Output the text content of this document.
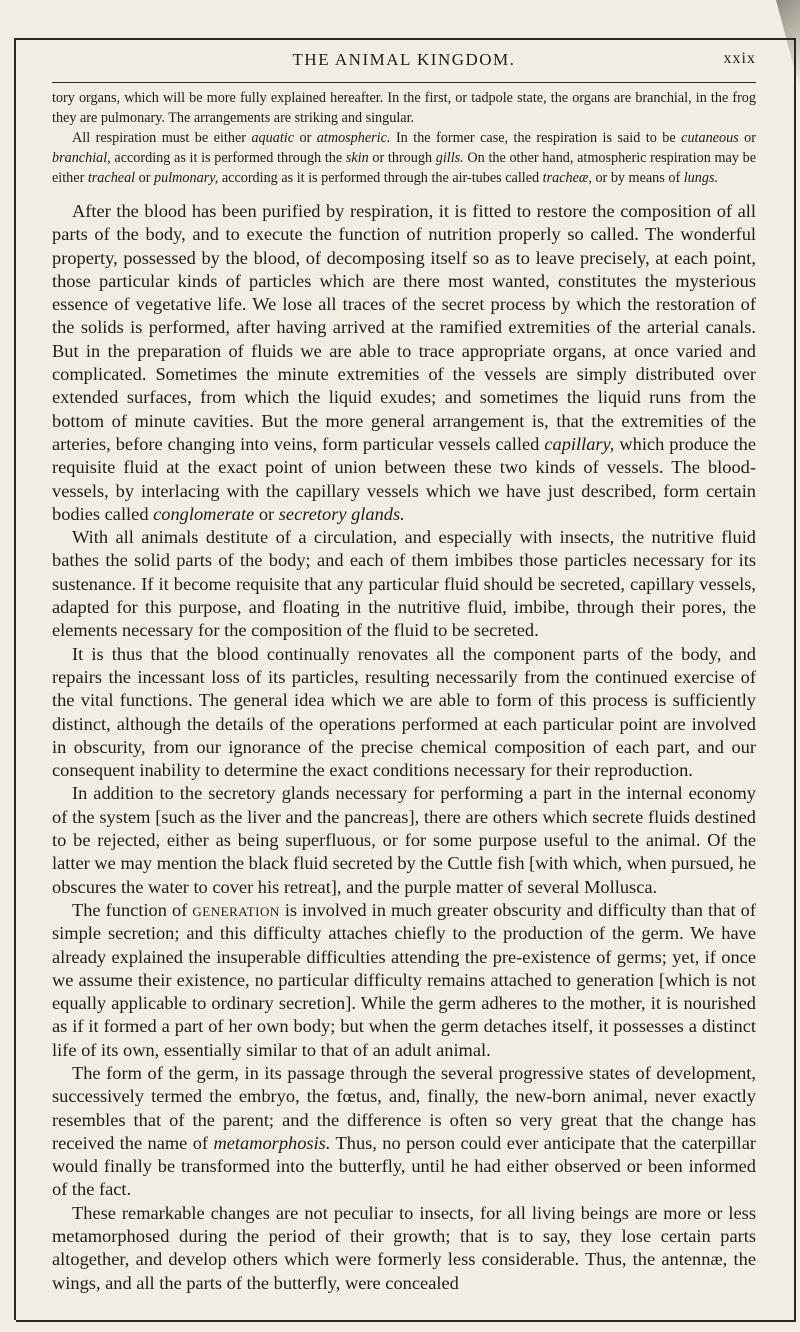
THE ANIMAL KINGDOM.	xxix

tory organs, which will be more fully explained hereafter. In the first, or tadpole state, the organs are branchial, in the frog they are pulmonary. The arrangements are striking and singular.

All respiration must be either aquatic or atmospheric. In the former case, the respiration is said to be cutaneous or branchial, according as it is performed through the skin or through gills. On the other hand, atmospheric respiration may be either tracheal or pulmonary, according as it is performed through the air-tubes called tracheæ, or by means of lungs.

After the blood has been purified by respiration, it is fitted to restore the composition of all parts of the body, and to execute the function of nutrition properly so called. The wonderful property, possessed by the blood, of decomposing itself so as to leave precisely, at each point, those particular kinds of particles which are there most wanted, constitutes the mysterious essence of vegetative life. We lose all traces of the secret process by which the restoration of the solids is performed, after having arrived at the ramified extremities of the arterial canals. But in the preparation of fluids we are able to trace appropriate organs, at once varied and complicated. Sometimes the minute extremities of the vessels are simply distributed over extended surfaces, from which the liquid exudes; and sometimes the liquid runs from the bottom of minute cavities. But the more general arrangement is, that the extremities of the arteries, before changing into veins, form particular vessels called capillary, which produce the requisite fluid at the exact point of union between these two kinds of vessels. The blood-vessels, by interlacing with the capillary vessels which we have just described, form certain bodies called conglomerate or secretory glands.

With all animals destitute of a circulation, and especially with insects, the nutritive fluid bathes the solid parts of the body; and each of them imbibes those particles necessary for its sustenance. If it become requisite that any particular fluid should be secreted, capillary vessels, adapted for this purpose, and floating in the nutritive fluid, imbibe, through their pores, the elements necessary for the composition of the fluid to be secreted.

It is thus that the blood continually renovates all the component parts of the body, and repairs the incessant loss of its particles, resulting necessarily from the continued exercise of the vital functions. The general idea which we are able to form of this process is sufficiently distinct, although the details of the operations performed at each particular point are involved in obscurity, from our ignorance of the precise chemical composition of each part, and our consequent inability to determine the exact conditions necessary for their reproduction.

In addition to the secretory glands necessary for performing a part in the internal economy of the system [such as the liver and the pancreas], there are others which secrete fluids destined to be rejected, either as being superfluous, or for some purpose useful to the animal. Of the latter we may mention the black fluid secreted by the Cuttle fish [with which, when pursued, he obscures the water to cover his retreat], and the purple matter of several Mollusca.

The function of generation is involved in much greater obscurity and difficulty than that of simple secretion; and this difficulty attaches chiefly to the production of the germ. We have already explained the insuperable difficulties attending the pre-existence of germs; yet, if once we assume their existence, no particular difficulty remains attached to generation [which is not equally applicable to ordinary secretion]. While the germ adheres to the mother, it is nourished as if it formed a part of her own body; but when the germ detaches itself, it possesses a distinct life of its own, essentially similar to that of an adult animal.

The form of the germ, in its passage through the several progressive states of development, successively termed the embryo, the fœtus, and, finally, the new-born animal, never exactly resembles that of the parent; and the difference is often so very great that the change has received the name of metamorphosis. Thus, no person could ever anticipate that the caterpillar would finally be transformed into the butterfly, until he had either observed or been informed of the fact.

These remarkable changes are not peculiar to insects, for all living beings are more or less metamorphosed during the period of their growth; that is to say, they lose certain parts altogether, and develop others which were formerly less considerable. Thus, the antennæ, the wings, and all the parts of the butterfly, were concealed
